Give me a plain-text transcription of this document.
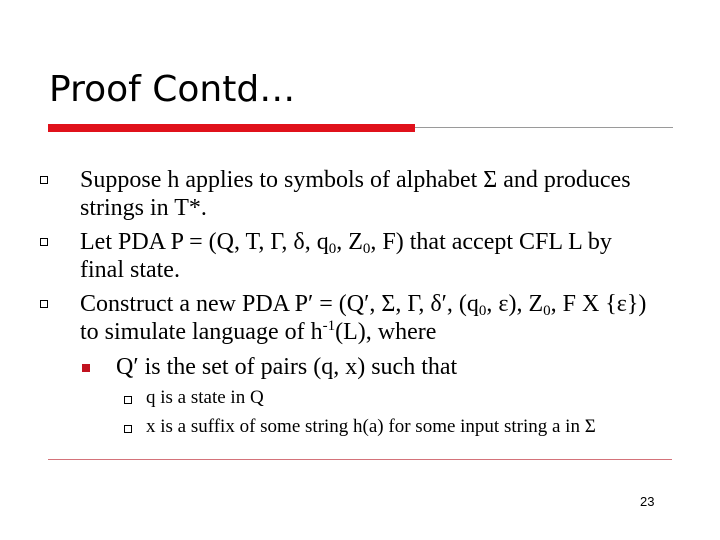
Proof Contd…
Suppose h applies to symbols of alphabet Σ and produces
strings in T*.
Let PDA P = (Q, T, Γ, δ, $q_0$, $Z_0$, F) that accept CFL L by
final state.
Construct a new PDA P′ = (Q′, Σ, Γ, δ′, ($q_0$, ε), $Z_0$, F X {ε})
to simulate language of $h^{-1}(L)$, where
Q′ is the set of pairs (q, x) such that
q is a state in Q
x is a suffix of some string h(a) for some input string a in Σ
23
